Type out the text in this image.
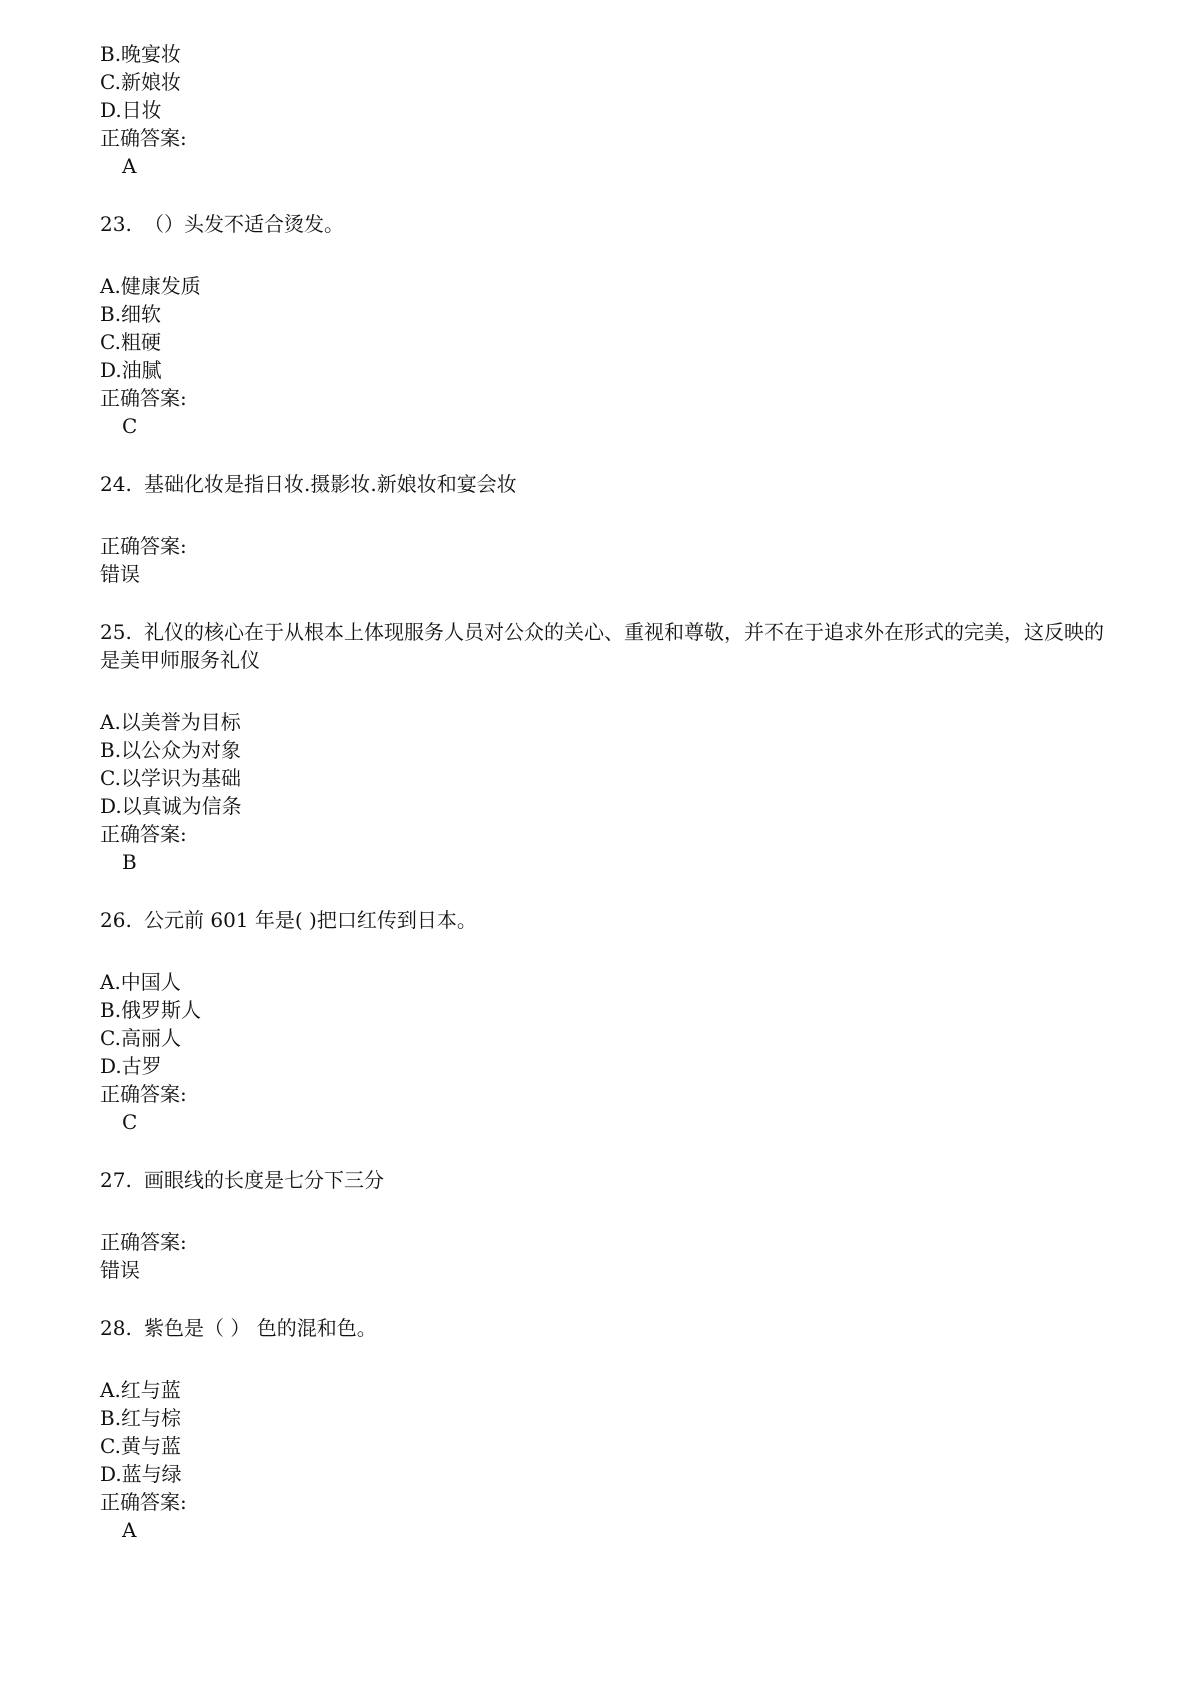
B.晚宴妆
C.新娘妆
D.日妆
正确答案:
A
23. （）头发不适合烫发。
A.健康发质
B.细软
C.粗硬
D.油腻
正确答案:
C
24. 基础化妆是指日妆.摄影妆.新娘妆和宴会妆
正确答案:
错误
25. 礼仪的核心在于从根本上体现服务人员对公众的关心、重视和尊敬，并不在于追求外在形式的完美，这反映的是美甲师服务礼仪
A.以美誉为目标
B.以公众为对象
C.以学识为基础
D.以真诚为信条
正确答案:
B
26. 公元前 601 年是( )把口红传到日本。
A.中国人
B.俄罗斯人
C.高丽人
D.古罗
正确答案:
C
27. 画眼线的长度是七分下三分
正确答案:
错误
28. 紫色是（ ） 色的混和色。
A.红与蓝
B.红与棕
C.黄与蓝
D.蓝与绿
正确答案:
A
